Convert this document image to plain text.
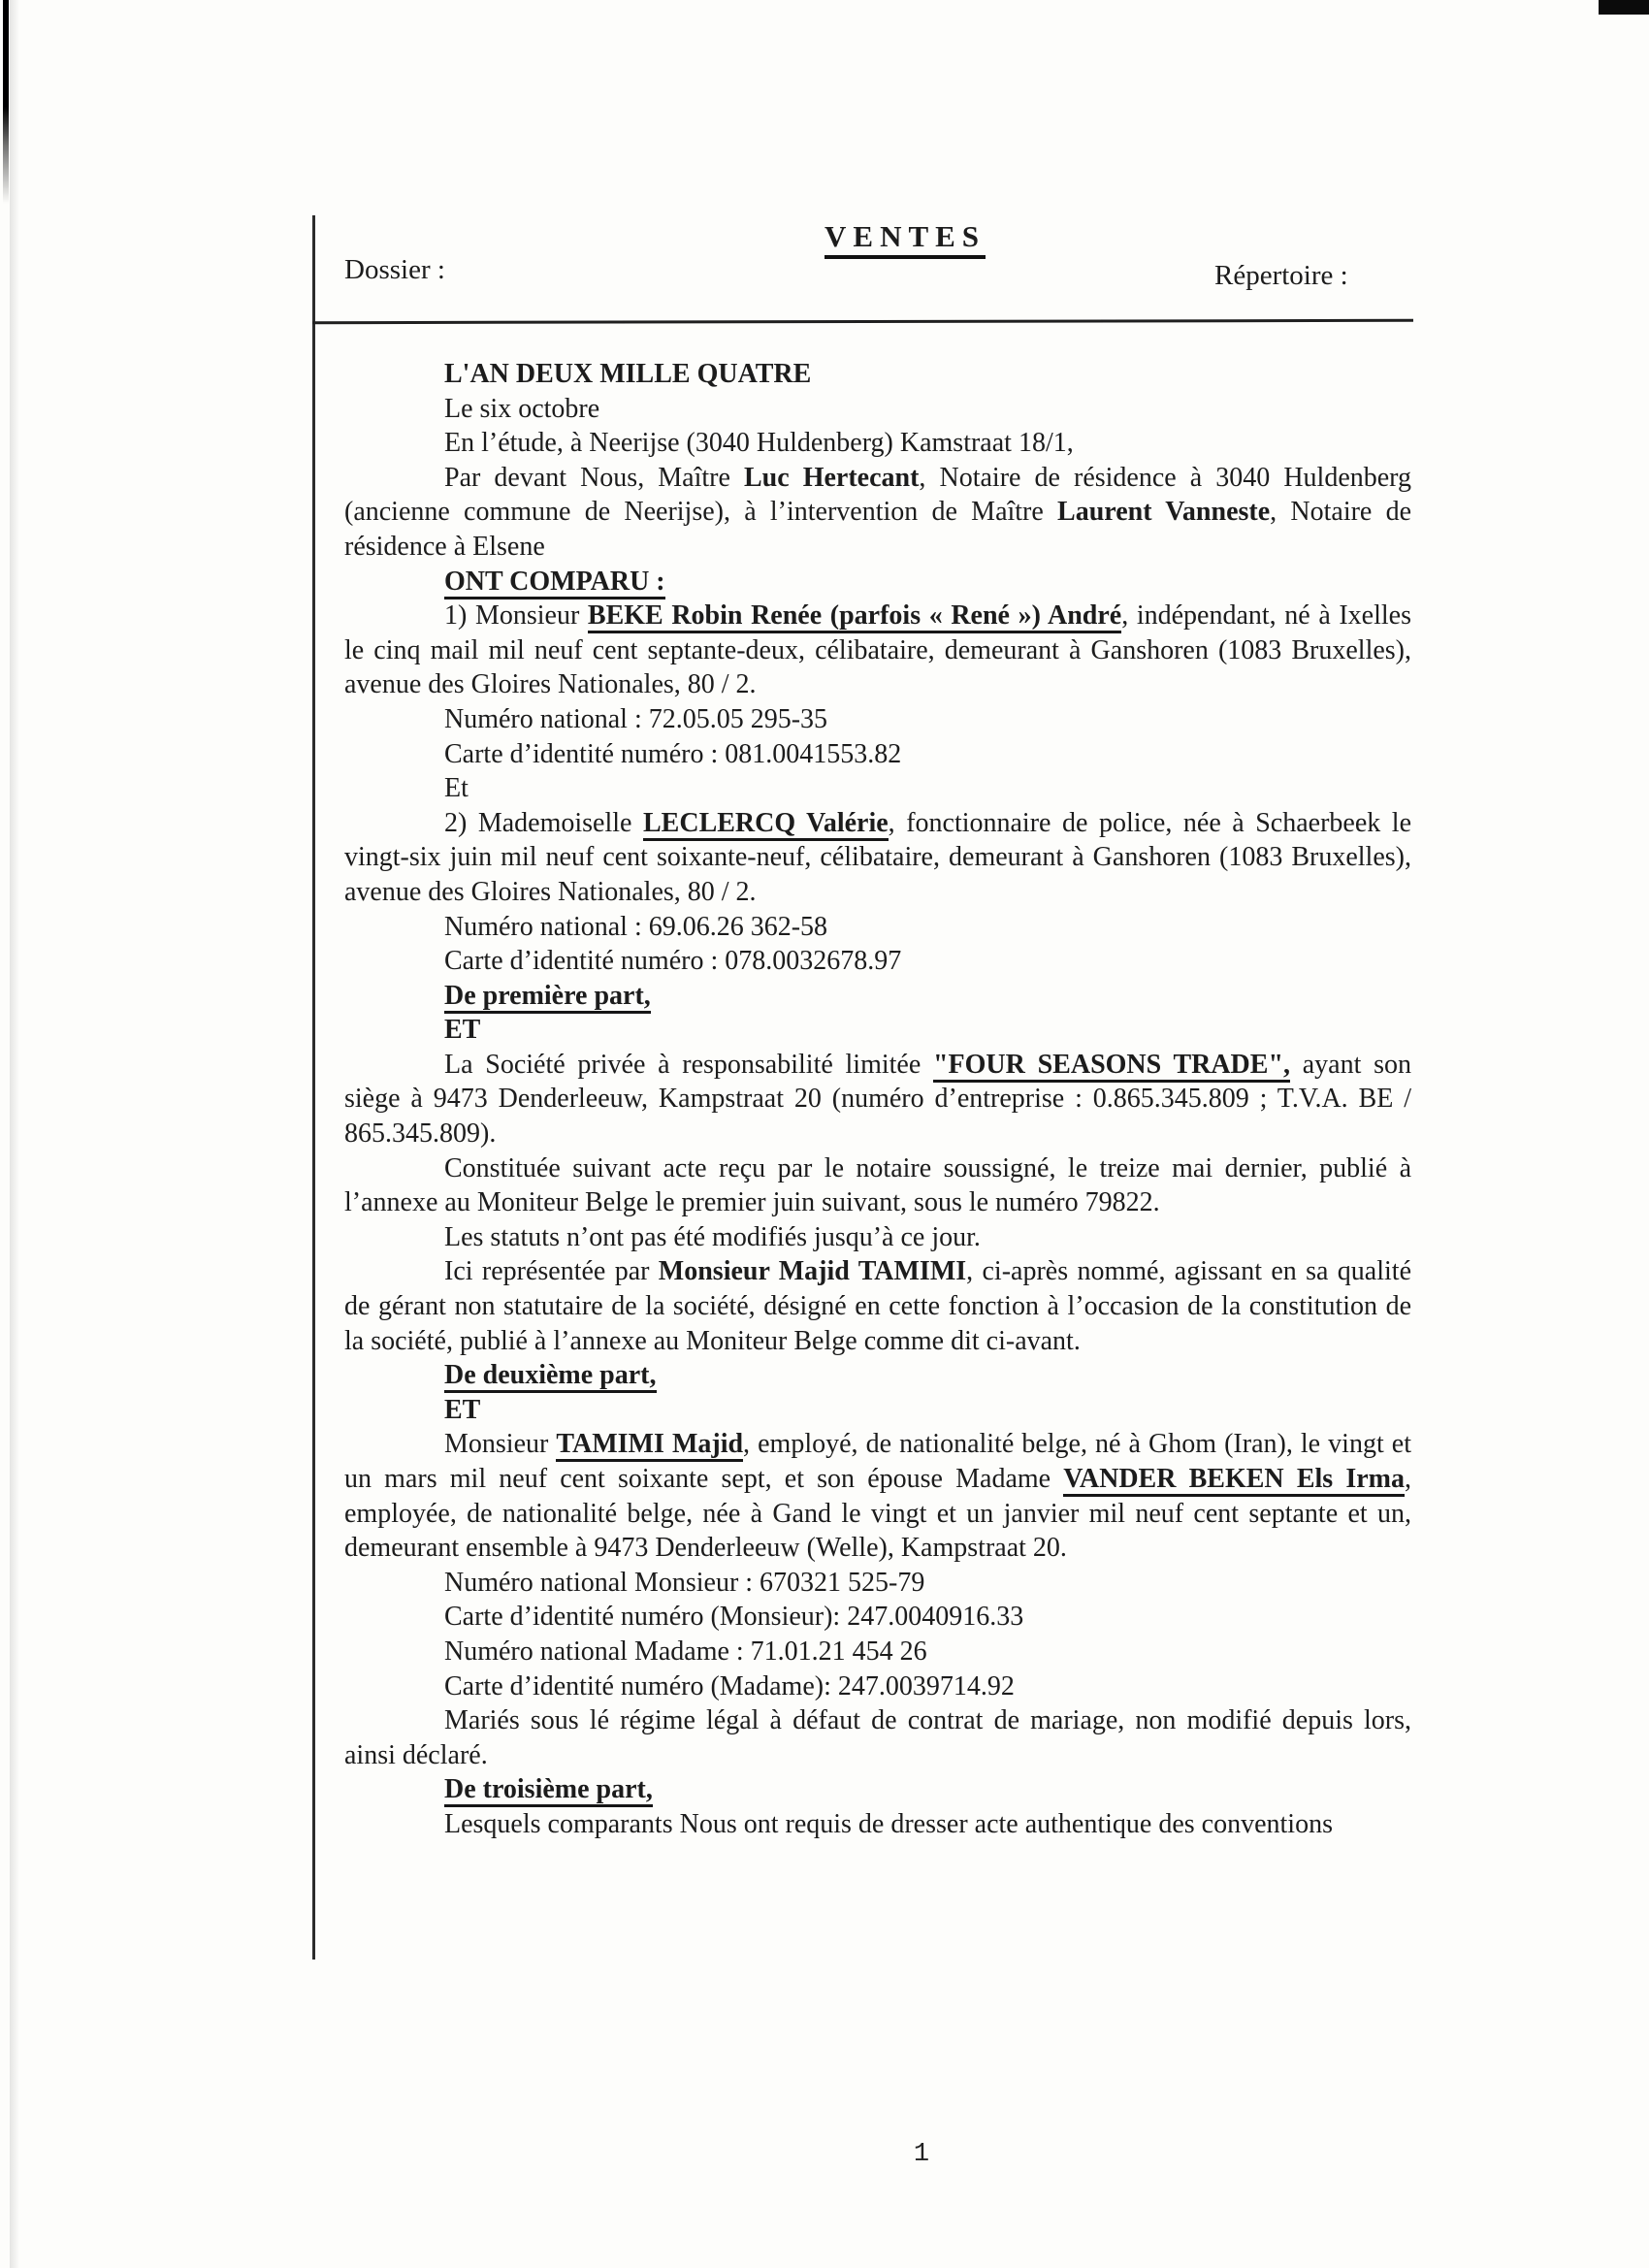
VENTES
Dossier :	Répertoire :

L'AN DEUX MILLE QUATRE

Le six octobre

En l’étude, à Neerijse (3040 Huldenberg) Kamstraat 18/1,

Par devant Nous, Maître Luc Hertecant, Notaire de résidence à 3040 Huldenberg (ancienne commune de Neerijse), à l’intervention de Maître Laurent Vanneste, Notaire de résidence à Elsene

ONT COMPARU :

1) Monsieur BEKE Robin Renée (parfois « René ») André, indépendant, né à Ixelles le cinq mail mil neuf cent septante-deux, célibataire, demeurant à Ganshoren (1083 Bruxelles), avenue des Gloires Nationales, 80 / 2.

Numéro national : 72.05.05 295-35

Carte d’identité numéro : 081.0041553.82

Et

2) Mademoiselle LECLERCQ Valérie, fonctionnaire de police, née à Schaerbeek le vingt-six juin mil neuf cent soixante-neuf, célibataire, demeurant à Ganshoren (1083 Bruxelles), avenue des Gloires Nationales, 80 / 2.

Numéro national : 69.06.26 362-58

Carte d’identité numéro : 078.0032678.97

De première part,

ET

La Société privée à responsabilité limitée "FOUR SEASONS TRADE", ayant son siège à 9473 Denderleeuw, Kampstraat 20 (numéro d’entreprise : 0.865.345.809 ; T.V.A. BE / 865.345.809).

Constituée suivant acte reçu par le notaire soussigné, le treize mai dernier, publié à l’annexe au Moniteur Belge le premier juin suivant, sous le numéro 79822.

Les statuts n’ont pas été modifiés jusqu’à ce jour.

Ici représentée par Monsieur Majid TAMIMI, ci-après nommé, agissant en sa qualité de gérant non statutaire de la société, désigné en cette fonction à l’occasion de la constitution de la société, publié à l’annexe au Moniteur Belge comme dit ci-avant.

De deuxième part,

ET

Monsieur TAMIMI Majid, employé, de nationalité belge, né à Ghom (Iran), le vingt et un mars mil neuf cent soixante sept, et son épouse Madame VANDER BEKEN Els Irma, employée, de nationalité belge, née à Gand le vingt et un janvier mil neuf cent septante et un, demeurant ensemble à 9473 Denderleeuw (Welle), Kampstraat 20.

Numéro national Monsieur : 670321 525-79

Carte d’identité numéro (Monsieur): 247.0040916.33

Numéro national Madame : 71.01.21 454 26

Carte d’identité numéro (Madame): 247.0039714.92

Mariés sous lé régime légal à défaut de contrat de mariage, non modifié depuis lors, ainsi déclaré.

De troisième part,

Lesquels comparants Nous ont requis de dresser acte authentique des conventions

1
